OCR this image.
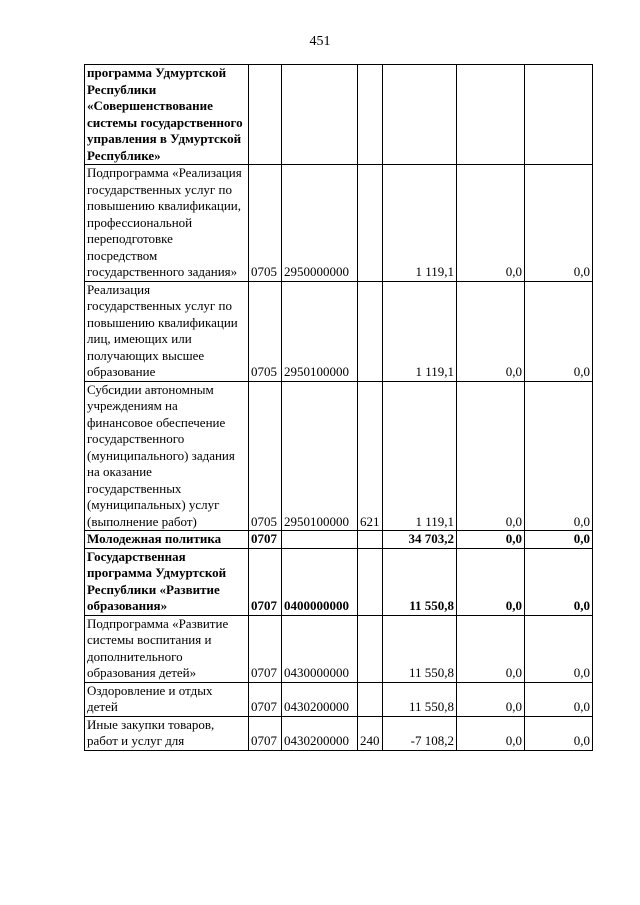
451
программа Удмуртской Республики «Совершенствование системы государственного управления в Удмуртской Республике»						
Подпрограмма «Реализация государственных услуг по повышению квалификации, профессиональной переподготовке посредством государственного задания»	0705	2950000000		1 119,1	0,0	0,0
Реализация государственных услуг по повышению квалификации лиц, имеющих или получающих высшее образование	0705	2950100000		1 119,1	0,0	0,0
Субсидии автономным учреждениям на финансовое обеспечение государственного (муниципального) задания на оказание государственных (муниципальных) услуг (выполнение работ)	0705	2950100000	621	1 119,1	0,0	0,0
Молодежная политика	0707			34 703,2	0,0	0,0
Государственная программа Удмуртской Республики «Развитие образования»	0707	0400000000		11 550,8	0,0	0,0
Подпрограмма «Развитие системы воспитания и дополнительного образования детей»	0707	0430000000		11 550,8	0,0	0,0
Оздоровление и отдых детей	0707	0430200000		11 550,8	0,0	0,0
Иные закупки товаров, работ и услуг для	0707	0430200000	240	-7 108,2	0,0	0,0
